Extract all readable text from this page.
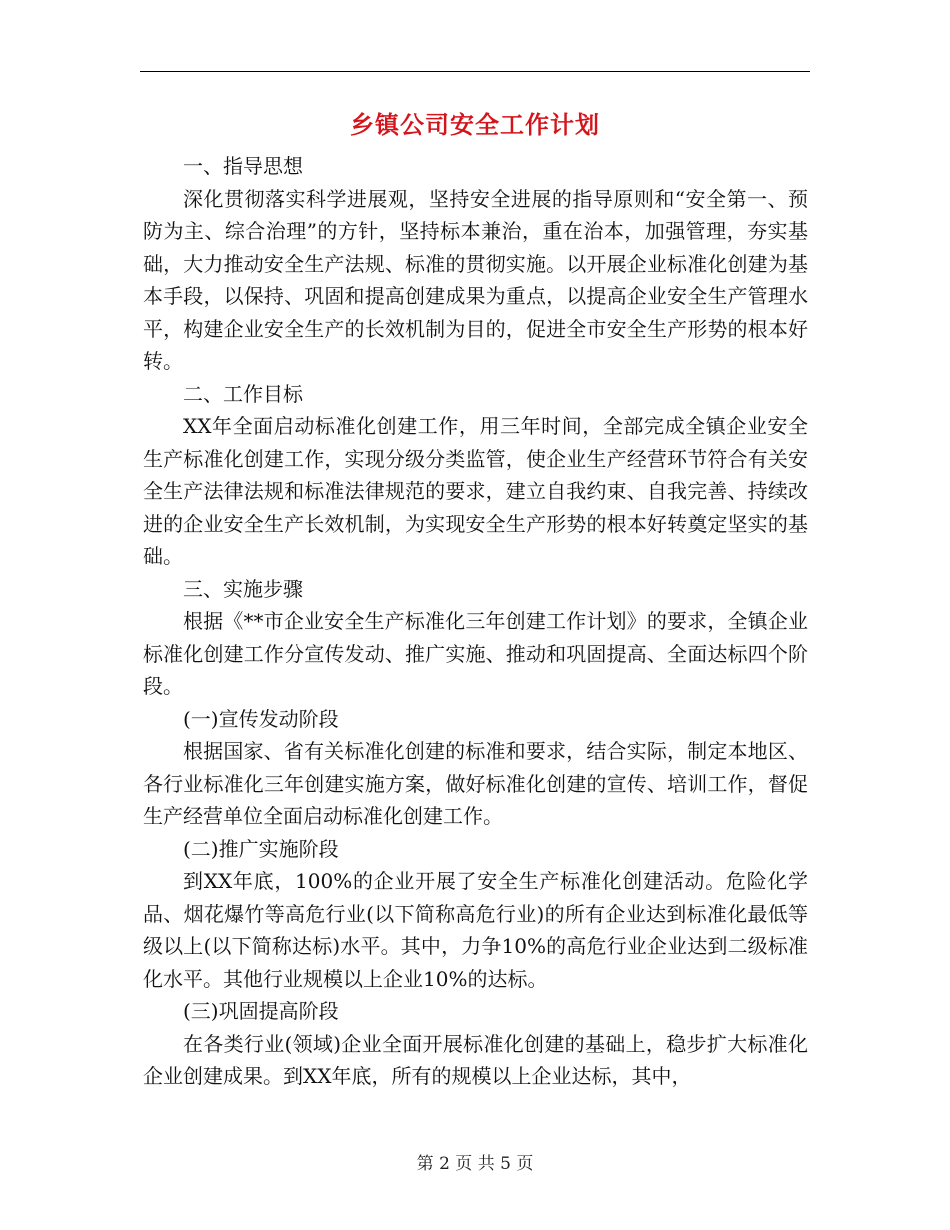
乡镇公司安全工作计划

一、指导思想

深化贯彻落实科学进展观，坚持安全进展的指导原则和“安全第一、预防为主、综合治理”的方针，坚持标本兼治，重在治本，加强管理，夯实基础，大力推动安全生产法规、标准的贯彻实施。以开展企业标准化创建为基本手段，以保持、巩固和提高创建成果为重点，以提高企业安全生产管理水平，构建企业安全生产的长效机制为目的，促进全市安全生产形势的根本好转。

二、工作目标

XX年全面启动标准化创建工作，用三年时间，全部完成全镇企业安全生产标准化创建工作，实现分级分类监管，使企业生产经营环节符合有关安全生产法律法规和标准法律规范的要求，建立自我约束、自我完善、持续改进的企业安全生产长效机制，为实现安全生产形势的根本好转奠定坚实的基础。

三、实施步骤

根据《**市企业安全生产标准化三年创建工作计划》的要求，全镇企业标准化创建工作分宣传发动、推广实施、推动和巩固提高、全面达标四个阶段。

(一)宣传发动阶段

根据国家、省有关标准化创建的标准和要求，结合实际，制定本地区、各行业标准化三年创建实施方案，做好标准化创建的宣传、培训工作，督促生产经营单位全面启动标准化创建工作。

(二)推广实施阶段

到XX年底，100%的企业开展了安全生产标准化创建活动。危险化学品、烟花爆竹等高危行业(以下简称高危行业)的所有企业达到标准化最低等级以上(以下简称达标)水平。其中，力争10%的高危行业企业达到二级标准化水平。其他行业规模以上企业10%的达标。

(三)巩固提高阶段

在各类行业(领域)企业全面开展标准化创建的基础上，稳步扩大标准化企业创建成果。到XX年底，所有的规模以上企业达标，其中，

第 2 页 共 5 页
